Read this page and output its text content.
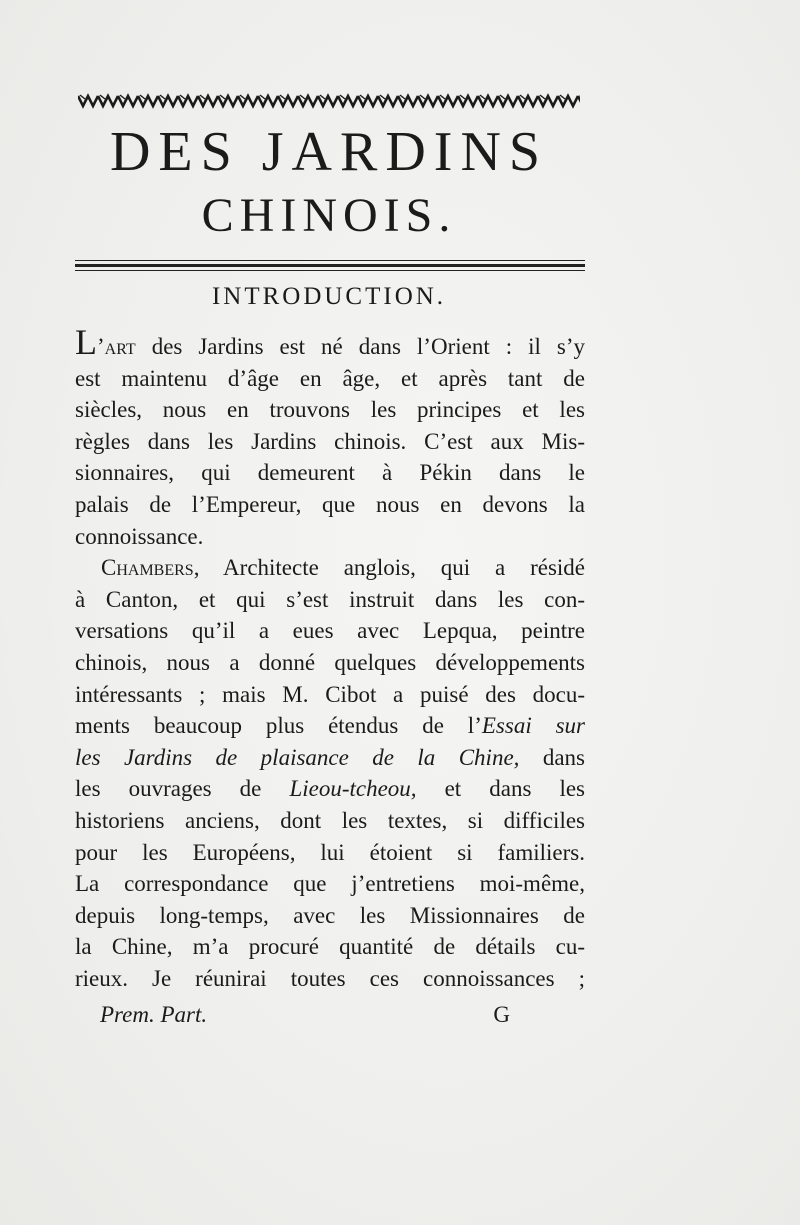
DES JARDINS
CHINOIS.
INTRODUCTION.
L’art des Jardins est né dans l’Orient : il s’y
est maintenu d’âge en âge, et après tant de
siècles, nous en trouvons les principes et les
règles dans les Jardins chinois. C’est aux Mis-
sionnaires, qui demeurent à Pékin dans le
palais de l’Empereur, que nous en devons la
connoissance.
Chambers, Architecte anglois, qui a résidé
à Canton, et qui s’est instruit dans les con-
versations qu’il a eues avec Lepqua, peintre
chinois, nous a donné quelques développements
intéressants ; mais M. Cibot a puisé des docu-
ments beaucoup plus étendus de l’Essai sur
les Jardins de plaisance de la Chine, dans
les ouvrages de Lieou-tcheou, et dans les
historiens anciens, dont les textes, si difficiles
pour les Européens, lui étoient si familiers.
La correspondance que j’entretiens moi-même,
depuis long-temps, avec les Missionnaires de
la Chine, m’a procuré quantité de détails cu-
rieux. Je réunirai toutes ces connoissances ;
Prem. Part.	G
